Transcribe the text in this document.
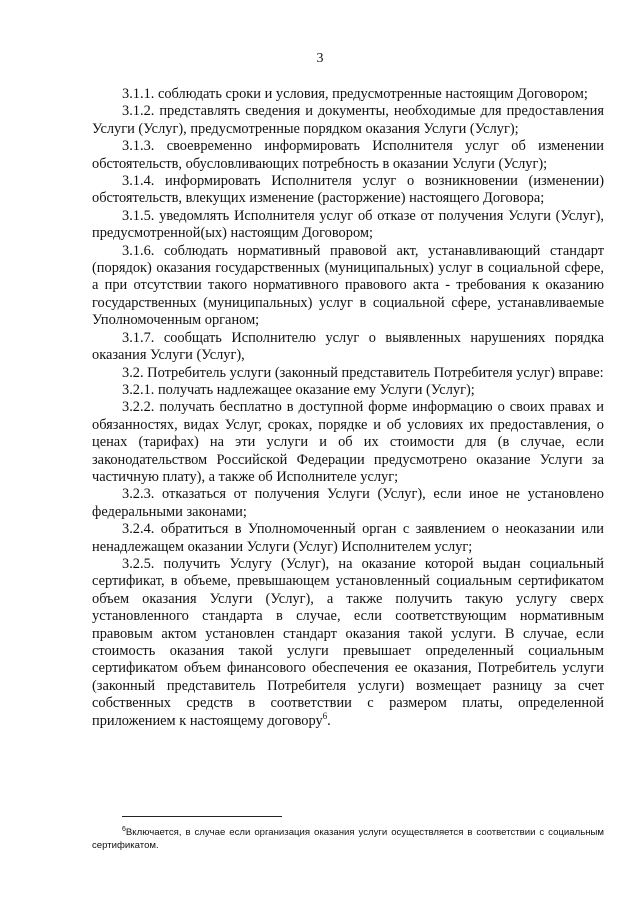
3

3.1.1. соблюдать сроки и условия, предусмотренные настоящим Договором;

3.1.2. представлять сведения и документы, необходимые для предоставления Услуги (Услуг), предусмотренные порядком оказания Услуги (Услуг);

3.1.3. своевременно информировать Исполнителя услуг об изменении обстоятельств, обусловливающих потребность в оказании Услуги (Услуг);

3.1.4. информировать Исполнителя услуг о возникновении (изменении) обстоятельств, влекущих изменение (расторжение) настоящего Договора;

3.1.5. уведомлять Исполнителя услуг об отказе от получения Услуги (Услуг), предусмотренной(ых) настоящим Договором;

3.1.6. соблюдать нормативный правовой акт, устанавливающий стандарт (порядок) оказания государственных (муниципальных) услуг в социальной сфере, а при отсутствии такого нормативного правового акта - требования к оказанию государственных (муниципальных) услуг в социальной сфере, устанавливаемые Уполномоченным органом;

3.1.7. сообщать Исполнителю услуг о выявленных нарушениях порядка оказания Услуги (Услуг),

3.2. Потребитель услуги (законный представитель Потребителя услуг) вправе:

3.2.1. получать надлежащее оказание ему Услуги (Услуг);

3.2.2. получать бесплатно в доступной форме информацию о своих правах и обязанностях, видах Услуг, сроках, порядке и об условиях их предоставления, о ценах (тарифах) на эти услуги и об их стоимости для (в случае, если законодательством Российской Федерации предусмотрено оказание Услуги за частичную плату), а также об Исполнителе услуг;

3.2.3. отказаться от получения Услуги (Услуг), если иное не установлено федеральными законами;

3.2.4. обратиться в Уполномоченный орган с заявлением о неоказании или ненадлежащем оказании Услуги (Услуг) Исполнителем услуг;

3.2.5. получить Услугу (Услуг), на оказание которой выдан социальный сертификат, в объеме, превышающем установленный социальным сертификатом объем оказания Услуги (Услуг), а также получить такую услугу сверх установленного стандарта в случае, если соответствующим нормативным правовым актом установлен стандарт оказания такой услуги. В случае, если стоимость оказания такой услуги превышает определенный социальным сертификатом объем финансового обеспечения ее оказания, Потребитель услуги (законный представитель Потребителя услуги) возмещает разницу за счет собственных средств в соответствии с размером платы, определенной приложением к настоящему договору$^6$.

$^6$Включается, в случае если организация оказания услуги осуществляется в соответствии с социальным сертификатом.
